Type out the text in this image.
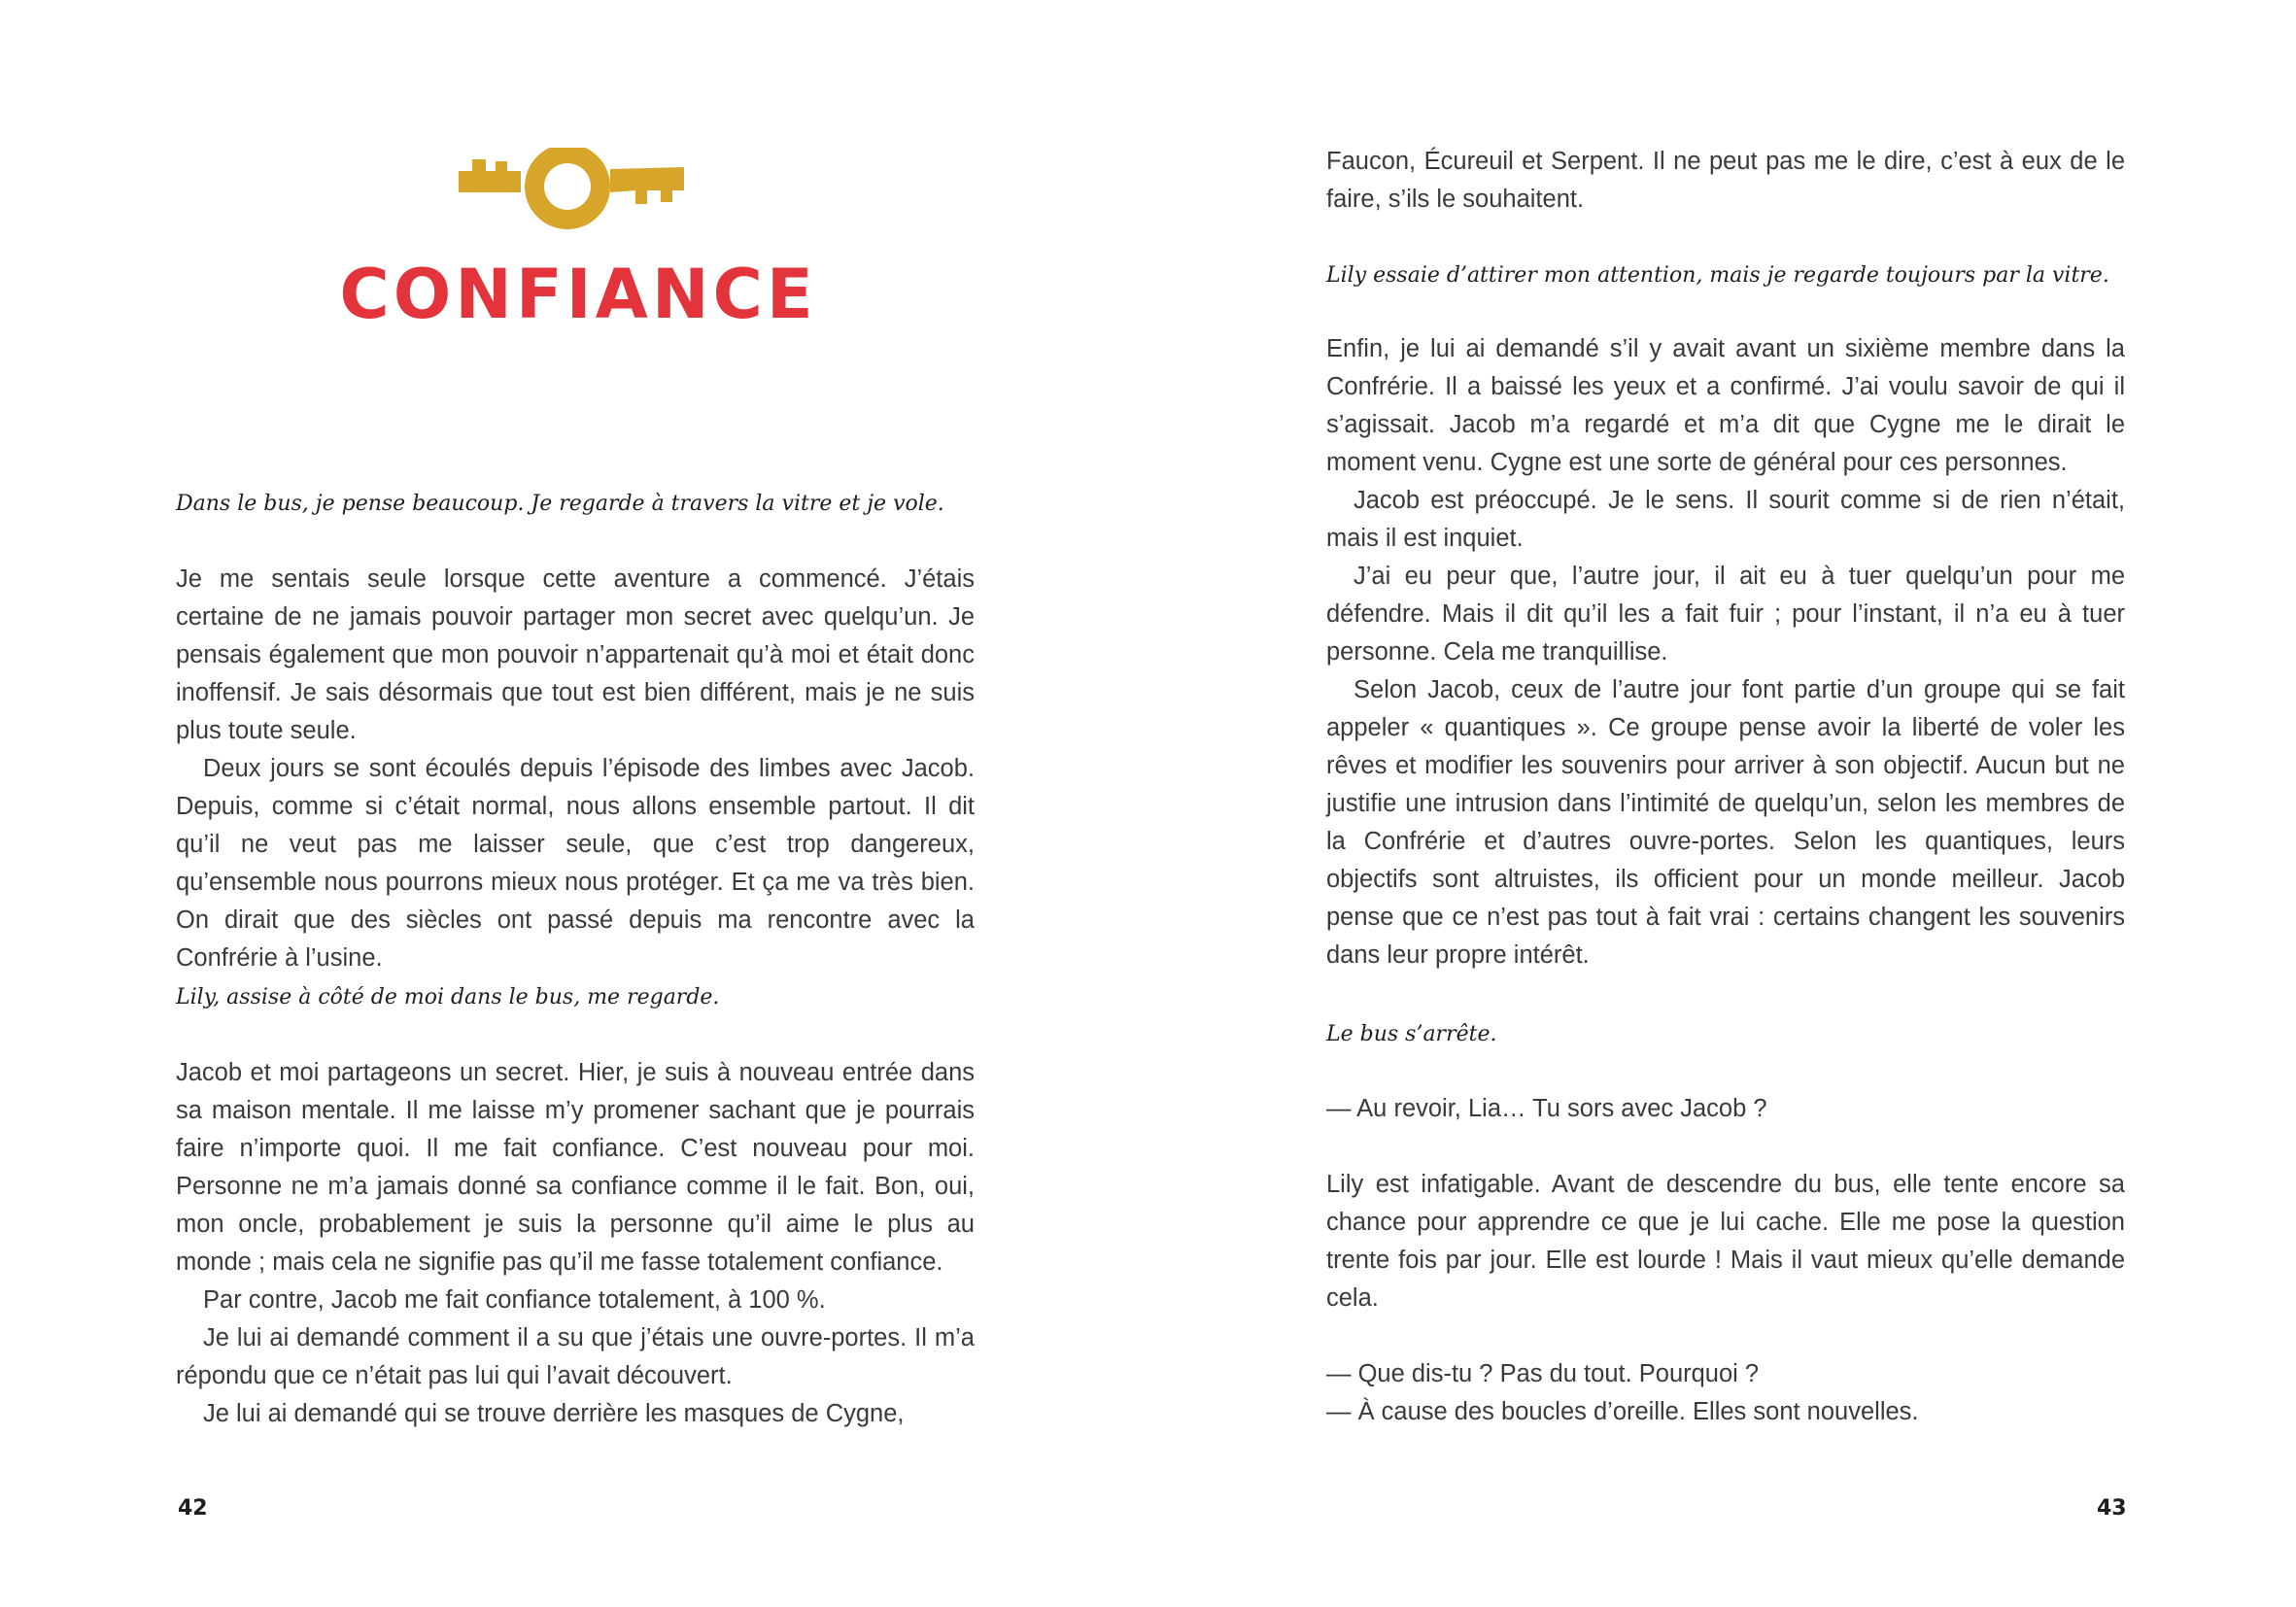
CONFIANCE

Dans le bus, je pense beaucoup. Je regarde à travers la vitre et je vole.

Je me sentais seule lorsque cette aventure a commencé. J’étais certaine de ne jamais pouvoir partager mon secret avec quelqu’un. Je pensais également que mon pouvoir n’appartenait qu’à moi et était donc inoffensif. Je sais désormais que tout est bien différent, mais je ne suis plus toute seule.

Deux jours se sont écoulés depuis l’épisode des limbes avec Jacob. Depuis, comme si c’était normal, nous allons ensemble partout. Il dit qu’il ne veut pas me laisser seule, que c’est trop dangereux, qu’ensemble nous pourrons mieux nous protéger. Et ça me va très bien. On dirait que des siècles ont passé depuis ma rencontre avec la Confrérie à l’usine.

Lily, assise à côté de moi dans le bus, me regarde.

Jacob et moi partageons un secret. Hier, je suis à nouveau entrée dans sa maison mentale. Il me laisse m’y promener sachant que je pourrais faire n’importe quoi. Il me fait confiance. C’est nouveau pour moi. Personne ne m’a jamais donné sa confiance comme il le fait. Bon, oui, mon oncle, probablement je suis la personne qu’il aime le plus au monde ; mais cela ne signifie pas qu’il me fasse totalement confiance.

Par contre, Jacob me fait confiance totalement, à 100 %.

Je lui ai demandé comment il a su que j’étais une ouvre-portes. Il m’a répondu que ce n’était pas lui qui l’avait découvert.

Je lui ai demandé qui se trouve derrière les masques de Cygne,

42

Faucon, Écureuil et Serpent. Il ne peut pas me le dire, c’est à eux de le faire, s’ils le souhaitent.

Lily essaie d’attirer mon attention, mais je regarde toujours par la vitre.

Enfin, je lui ai demandé s’il y avait avant un sixième membre dans la Confrérie. Il a baissé les yeux et a confirmé. J’ai voulu savoir de qui il s’agissait. Jacob m’a regardé et m’a dit que Cygne me le dirait le moment venu. Cygne est une sorte de général pour ces personnes.

Jacob est préoccupé. Je le sens. Il sourit comme si de rien n’était, mais il est inquiet.

J’ai eu peur que, l’autre jour, il ait eu à tuer quelqu’un pour me défendre. Mais il dit qu’il les a fait fuir ; pour l’instant, il n’a eu à tuer personne. Cela me tranquillise.

Selon Jacob, ceux de l’autre jour font partie d’un groupe qui se fait appeler « quantiques ». Ce groupe pense avoir la liberté de voler les rêves et modifier les souvenirs pour arriver à son objectif. Aucun but ne justifie une intrusion dans l’intimité de quelqu’un, selon les membres de la Confrérie et d’autres ouvre-portes. Selon les quantiques, leurs objectifs sont altruistes, ils officient pour un monde meilleur. Jacob pense que ce n’est pas tout à fait vrai : certains changent les souvenirs dans leur propre intérêt.

Le bus s’arrête.

— Au revoir, Lia… Tu sors avec Jacob ?

Lily est infatigable. Avant de descendre du bus, elle tente encore sa chance pour apprendre ce que je lui cache. Elle me pose la question trente fois par jour. Elle est lourde ! Mais il vaut mieux qu’elle demande cela.

— Que dis-tu ? Pas du tout. Pourquoi ?

— À cause des boucles d’oreille. Elles sont nouvelles.

43
